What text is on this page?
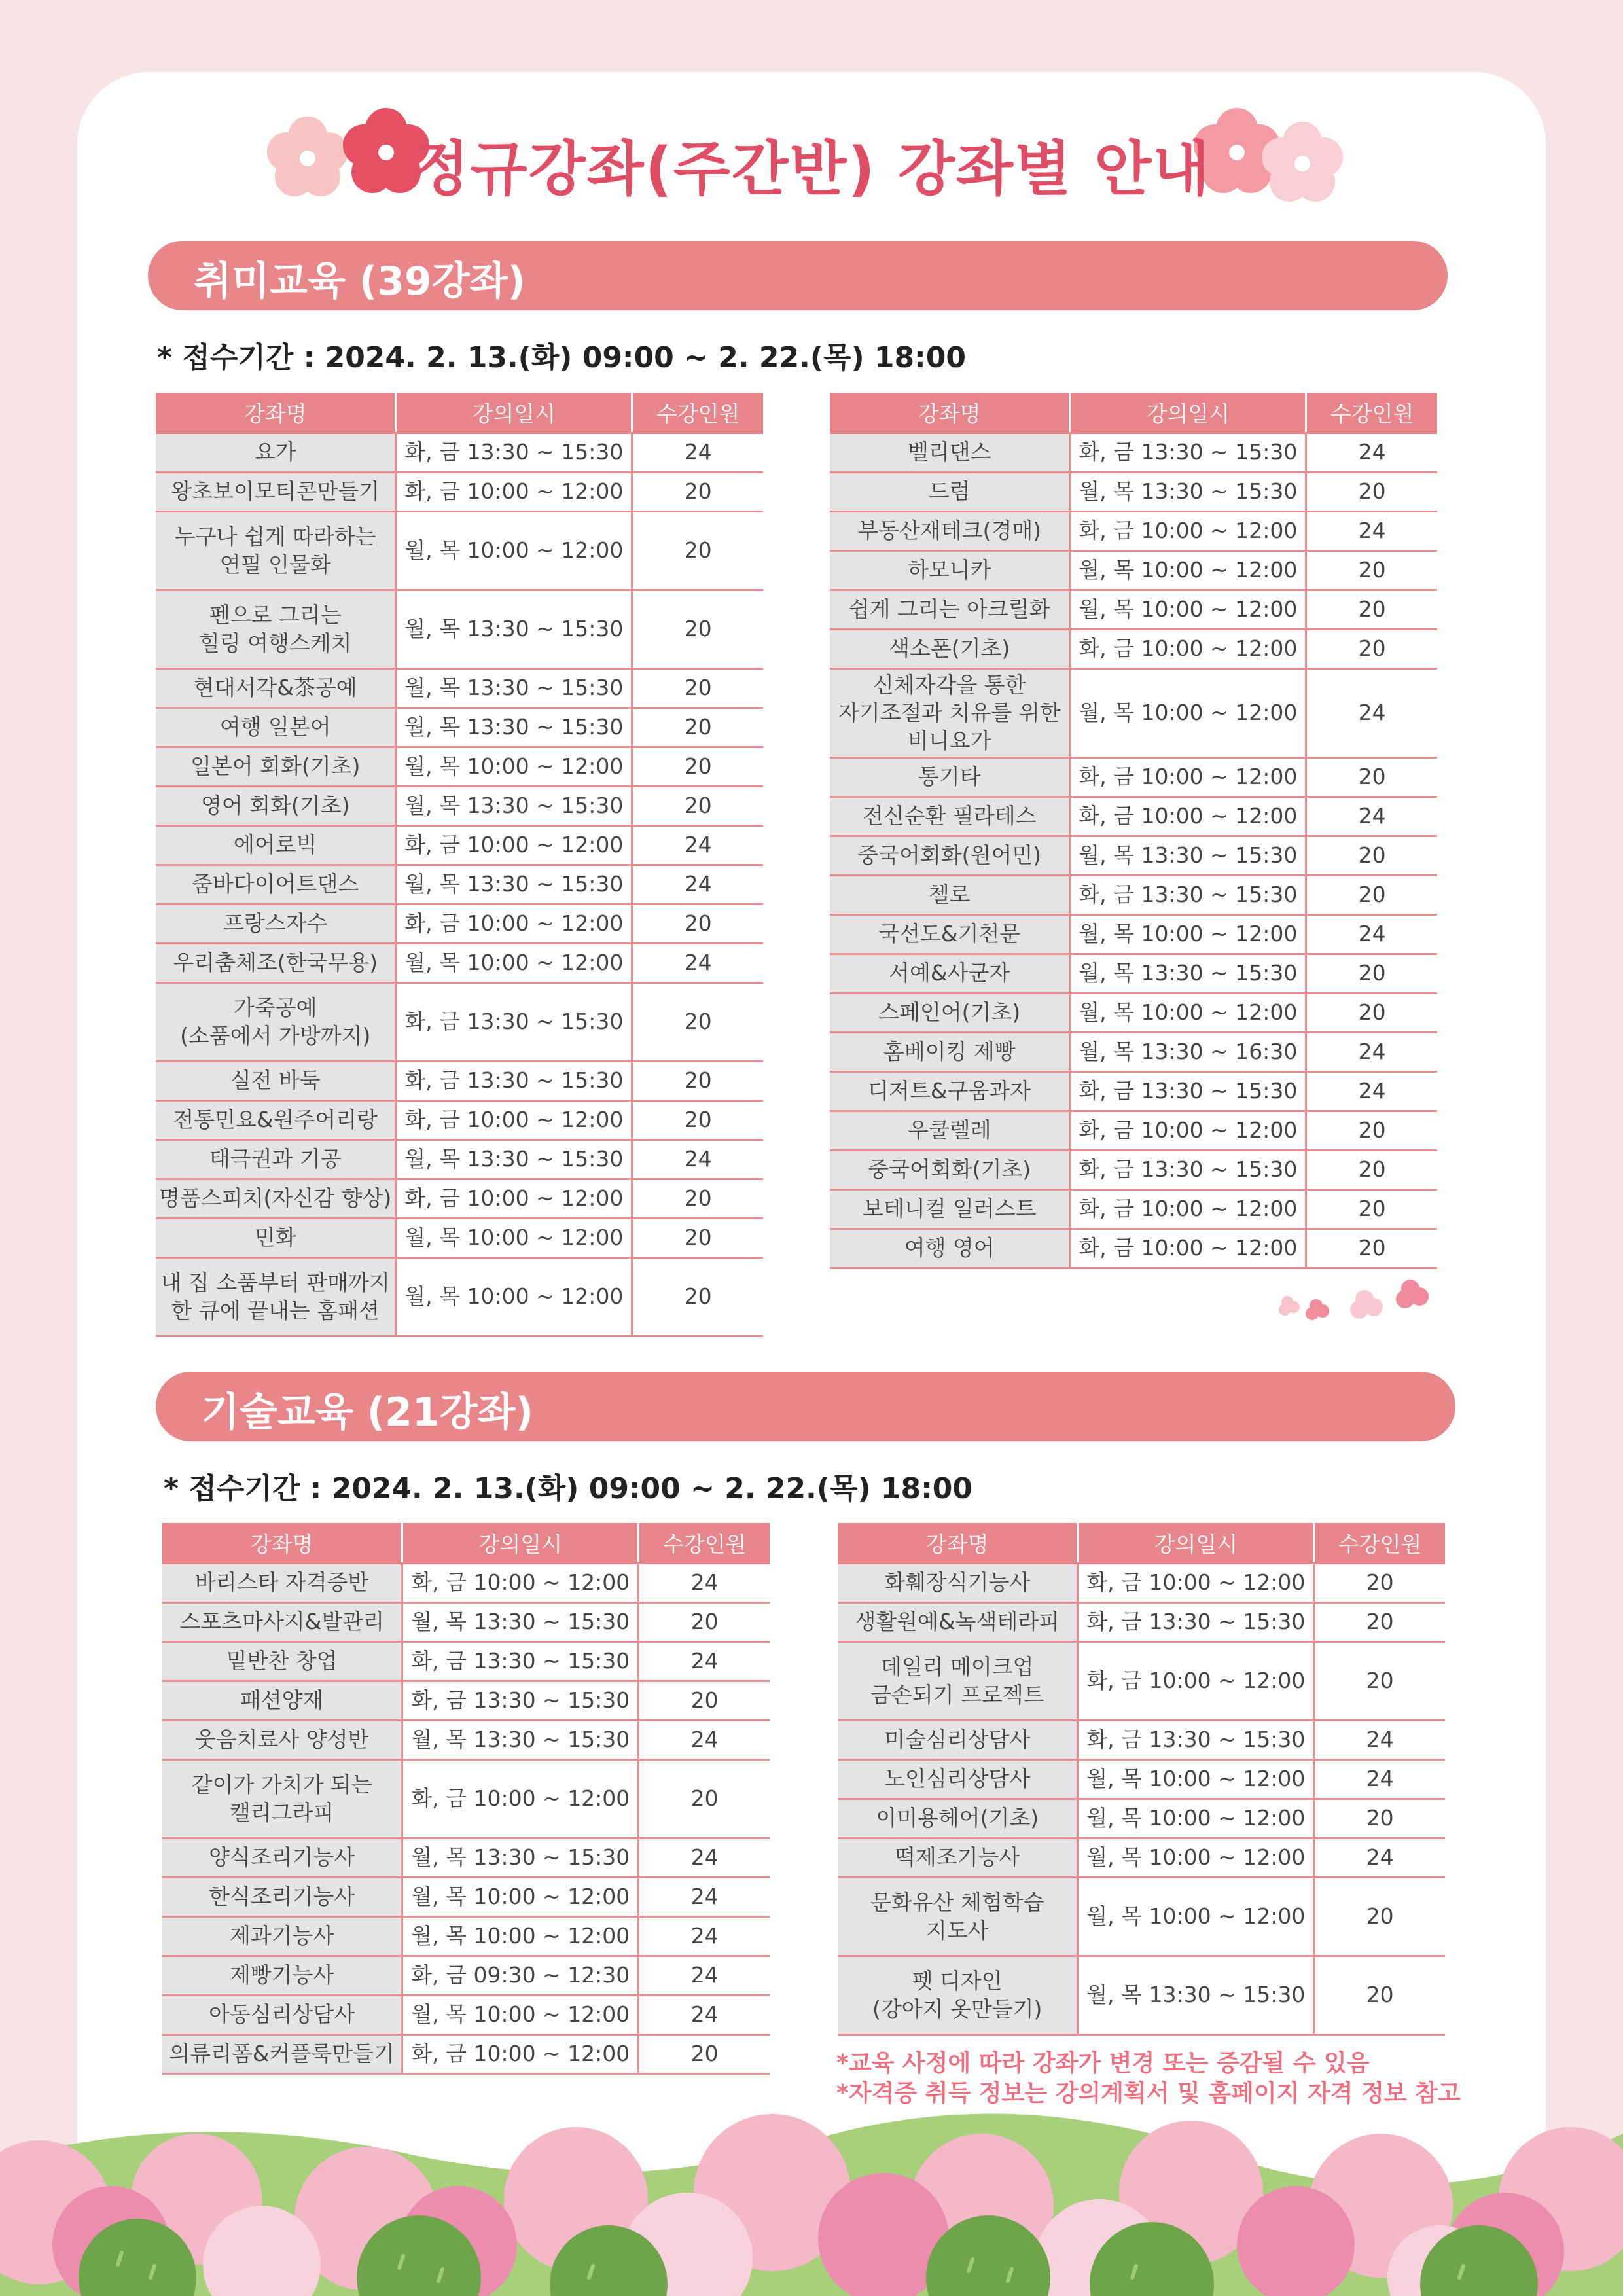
정규강좌(주간반) 강좌별 안내
취미교육 (39강좌)
* 접수기간 : 2024. 2. 13.(화) 09:00 ~ 2. 22.(목) 18:00
강좌명	강의일시	수강인원
요가	화, 금 13:30 ~ 15:30	24
왕초보이모티콘만들기	화, 금 10:00 ~ 12:00	20
누구나 쉽게 따라하는
연필 인물화	월, 목 10:00 ~ 12:00	20
펜으로 그리는
힐링 여행스케치	월, 목 13:30 ~ 15:30	20
현대서각&茶공예	월, 목 13:30 ~ 15:30	20
여행 일본어	월, 목 13:30 ~ 15:30	20
일본어 회화(기초)	월, 목 10:00 ~ 12:00	20
영어 회화(기초)	월, 목 13:30 ~ 15:30	20
에어로빅	화, 금 10:00 ~ 12:00	24
줌바다이어트댄스	월, 목 13:30 ~ 15:30	24
프랑스자수	화, 금 10:00 ~ 12:00	20
우리춤체조(한국무용)	월, 목 10:00 ~ 12:00	24
가죽공예
(소품에서 가방까지)	화, 금 13:30 ~ 15:30	20
실전 바둑	화, 금 13:30 ~ 15:30	20
전통민요&원주어리랑	화, 금 10:00 ~ 12:00	20
태극권과 기공	월, 목 13:30 ~ 15:30	24
명품스피치(자신감 향상)	화, 금 10:00 ~ 12:00	20
민화	월, 목 10:00 ~ 12:00	20
내 집 소품부터 판매까지
한 큐에 끝내는 홈패션	월, 목 10:00 ~ 12:00	20
강좌명	강의일시	수강인원
벨리댄스	화, 금 13:30 ~ 15:30	24
드럼	월, 목 13:30 ~ 15:30	20
부동산재테크(경매)	화, 금 10:00 ~ 12:00	24
하모니카	월, 목 10:00 ~ 12:00	20
쉽게 그리는 아크릴화	월, 목 10:00 ~ 12:00	20
색소폰(기초)	화, 금 10:00 ~ 12:00	20
신체자각을 통한
자기조절과 치유를 위한
비니요가	월, 목 10:00 ~ 12:00	24
통기타	화, 금 10:00 ~ 12:00	20
전신순환 필라테스	화, 금 10:00 ~ 12:00	24
중국어회화(원어민)	월, 목 13:30 ~ 15:30	20
첼로	화, 금 13:30 ~ 15:30	20
국선도&기천문	월, 목 10:00 ~ 12:00	24
서예&사군자	월, 목 13:30 ~ 15:30	20
스페인어(기초)	월, 목 10:00 ~ 12:00	20
홈베이킹 제빵	월, 목 13:30 ~ 16:30	24
디저트&구움과자	화, 금 13:30 ~ 15:30	24
우쿨렐레	화, 금 10:00 ~ 12:00	20
중국어회화(기초)	화, 금 13:30 ~ 15:30	20
보테니컬 일러스트	화, 금 10:00 ~ 12:00	20
여행 영어	화, 금 10:00 ~ 12:00	20
기술교육 (21강좌)
* 접수기간 : 2024. 2. 13.(화) 09:00 ~ 2. 22.(목) 18:00
강좌명	강의일시	수강인원
바리스타 자격증반	화, 금 10:00 ~ 12:00	24
스포츠마사지&발관리	월, 목 13:30 ~ 15:30	20
밑반찬 창업	화, 금 13:30 ~ 15:30	24
패션양재	화, 금 13:30 ~ 15:30	20
웃음치료사 양성반	월, 목 13:30 ~ 15:30	24
같이가 가치가 되는
캘리그라피	화, 금 10:00 ~ 12:00	20
양식조리기능사	월, 목 13:30 ~ 15:30	24
한식조리기능사	월, 목 10:00 ~ 12:00	24
제과기능사	월, 목 10:00 ~ 12:00	24
제빵기능사	화, 금 09:30 ~ 12:30	24
아동심리상담사	월, 목 10:00 ~ 12:00	24
의류리폼&커플룩만들기	화, 금 10:00 ~ 12:00	20
강좌명	강의일시	수강인원
화훼장식기능사	화, 금 10:00 ~ 12:00	20
생활원예&녹색테라피	화, 금 13:30 ~ 15:30	20
데일리 메이크업
금손되기 프로젝트	화, 금 10:00 ~ 12:00	20
미술심리상담사	화, 금 13:30 ~ 15:30	24
노인심리상담사	월, 목 10:00 ~ 12:00	24
이미용헤어(기초)	월, 목 10:00 ~ 12:00	20
떡제조기능사	월, 목 10:00 ~ 12:00	24
문화유산 체험학습
지도사	월, 목 10:00 ~ 12:00	20
펫 디자인
(강아지 옷만들기)	월, 목 13:30 ~ 15:30	20
*교육 사정에 따라 강좌가 변경 또는 증감될 수 있음
*자격증 취득 정보는 강의계획서 및 홈페이지 자격 정보 참고
